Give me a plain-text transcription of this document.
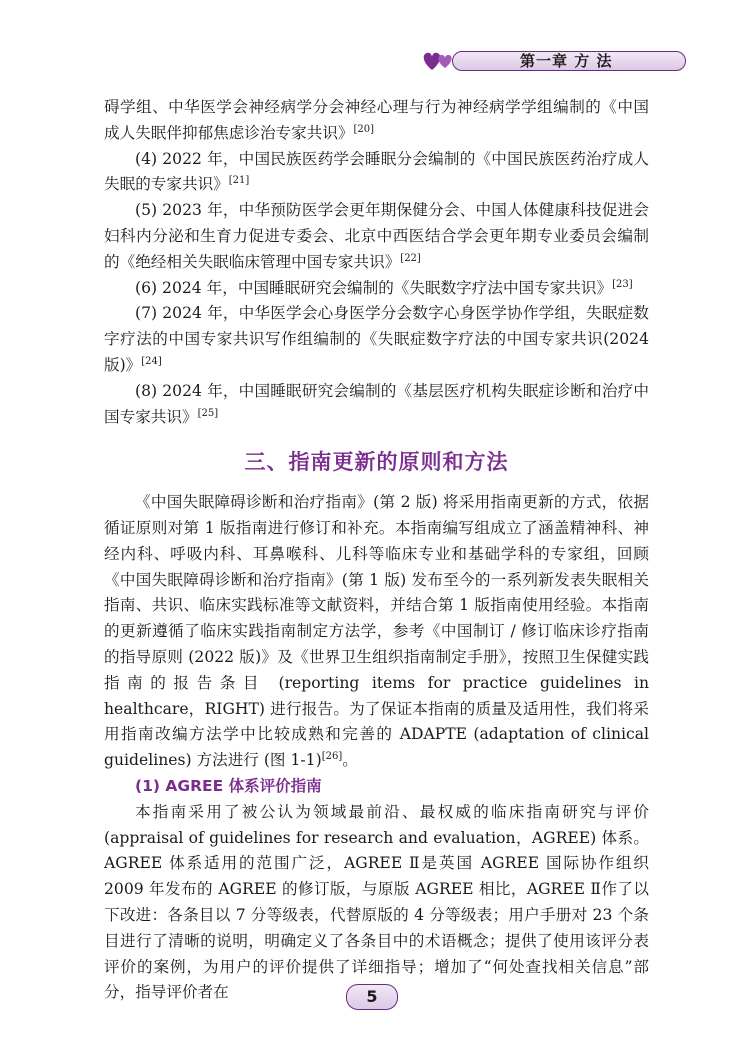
第一章 方 法

碍学组、中华医学会神经病学分会神经心理与行为神经病学学组编制的《中国成人失眠伴抑郁焦虑诊治专家共识》[20]

(4) 2022 年，中国民族医药学会睡眠分会编制的《中国民族医药治疗成人失眠的专家共识》[21]

(5) 2023 年，中华预防医学会更年期保健分会、中国人体健康科技促进会妇科内分泌和生育力促进专委会、北京中西医结合学会更年期专业委员会编制的《绝经相关失眠临床管理中国专家共识》[22]

(6) 2024 年，中国睡眠研究会编制的《失眠数字疗法中国专家共识》[23]

(7) 2024 年，中华医学会心身医学分会数字心身医学协作学组，失眠症数字疗法的中国专家共识写作组编制的《失眠症数字疗法的中国专家共识(2024 版)》[24]

(8) 2024 年，中国睡眠研究会编制的《基层医疗机构失眠症诊断和治疗中国专家共识》[25]

三、指南更新的原则和方法

《中国失眠障碍诊断和治疗指南》(第 2 版) 将采用指南更新的方式，依据循证原则对第 1 版指南进行修订和补充。本指南编写组成立了涵盖精神科、神经内科、呼吸内科、耳鼻喉科、儿科等临床专业和基础学科的专家组，回顾《中国失眠障碍诊断和治疗指南》(第 1 版) 发布至今的一系列新发表失眠相关指南、共识、临床实践标准等文献资料，并结合第 1 版指南使用经验。本指南的更新遵循了临床实践指南制定方法学，参考《中国制订 / 修订临床诊疗指南的指导原则 (2022 版)》及《世界卫生组织指南制定手册》，按照卫生保健实践指南的报告条目 (reporting items for practice guidelines in healthcare，RIGHT) 进行报告。为了保证本指南的质量及适用性，我们将采用指南改编方法学中比较成熟和完善的 ADAPTE (adaptation of clinical guidelines) 方法进行 (图 1-1)[26]。

(1) AGREE 体系评价指南

本指南采用了被公认为领域最前沿、最权威的临床指南研究与评价 (appraisal of guidelines for research and evaluation，AGREE) 体系。AGREE 体系适用的范围广泛，AGREE Ⅱ是英国 AGREE 国际协作组织 2009 年发布的 AGREE 的修订版，与原版 AGREE 相比，AGREE Ⅱ作了以下改进：各条目以 7 分等级表，代替原版的 4 分等级表；用户手册对 23 个条目进行了清晰的说明，明确定义了各条目中的术语概念；提供了使用该评分表评价的案例，为用户的评价提供了详细指导；增加了“何处查找相关信息”部分，指导评价者在	5
